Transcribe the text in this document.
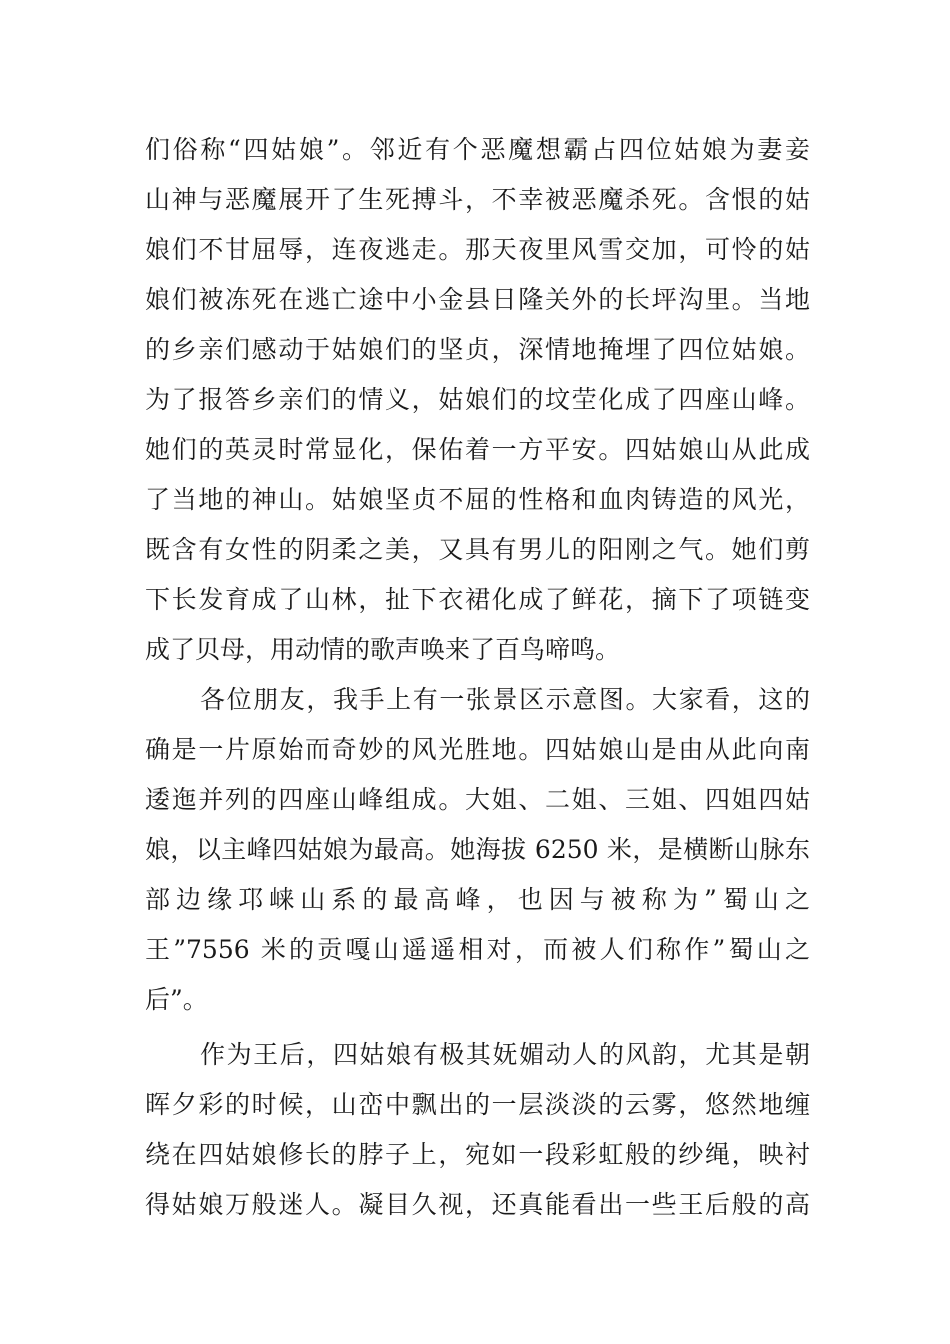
们俗称“四姑娘”。邻近有个恶魔想霸占四位姑娘为妻妾
山神与恶魔展开了生死搏斗，不幸被恶魔杀死。含恨的姑
娘们不甘屈辱，连夜逃走。那天夜里风雪交加，可怜的姑
娘们被冻死在逃亡途中小金县日隆关外的长坪沟里。当地
的乡亲们感动于姑娘们的坚贞，深情地掩埋了四位姑娘。
为了报答乡亲们的情义，姑娘们的坟茔化成了四座山峰。
她们的英灵时常显化，保佑着一方平安。四姑娘山从此成
了当地的神山。姑娘坚贞不屈的性格和血肉铸造的风光，
既含有女性的阴柔之美，又具有男儿的阳刚之气。她们剪
下长发育成了山林，扯下衣裙化成了鲜花，摘下了项链变
成了贝母，用动情的歌声唤来了百鸟啼鸣。
各位朋友，我手上有一张景区示意图。大家看，这的
确是一片原始而奇妙的风光胜地。四姑娘山是由从此向南
逶迤并列的四座山峰组成。大姐、二姐、三姐、四姐四姑
娘，以主峰四姑娘为最高。她海拔 6250 米，是横断山脉东
部边缘邛崃山系的最高峰，也因与被称为”蜀山之
王”7556 米的贡嘎山遥遥相对，而被人们称作”蜀山之
后”。
作为王后，四姑娘有极其妩媚动人的风韵，尤其是朝
晖夕彩的时候，山峦中飘出的一层淡淡的云雾，悠然地缠
绕在四姑娘修长的脖子上，宛如一段彩虹般的纱绳，映衬
得姑娘万般迷人。凝目久视，还真能看出一些王后般的高
